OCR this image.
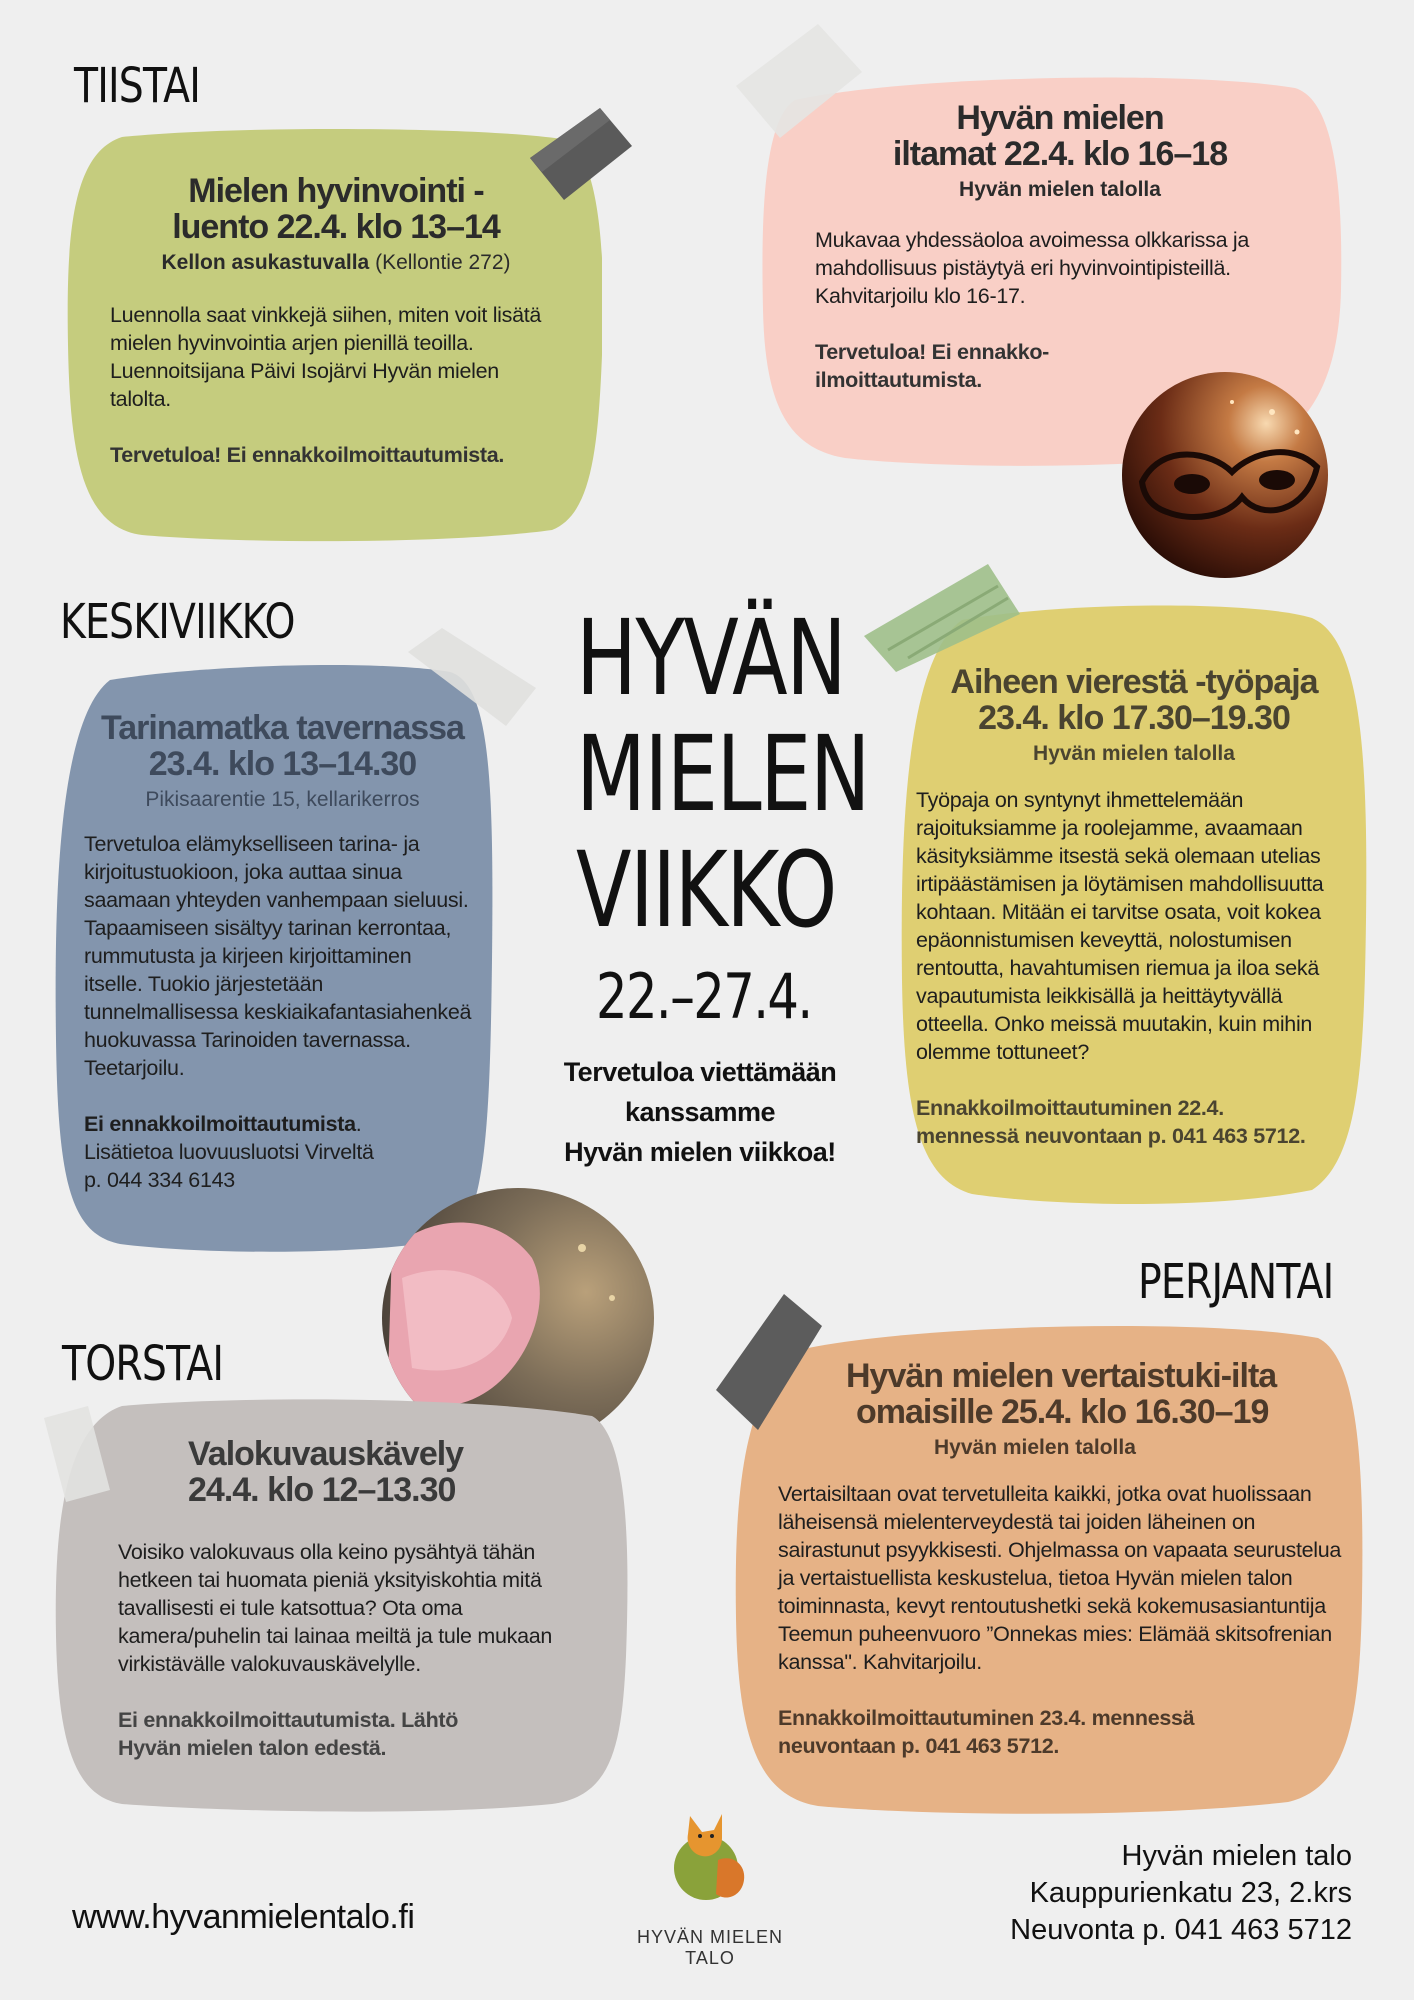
TIISTAI
Mielen hyvinvointi -
luento 22.4. klo 13–14
Kellon asukastuvalla (Kellontie 272)

Luennolla saat vinkkejä siihen, miten voit lisätä

mielen hyvinvointia arjen pienillä teoilla.

Luennoitsijana Päivi Isojärvi Hyvän mielen talolta.

Tervetuloa! Ei ennakkoilmoittautumista.

Hyvän mielen
iltamat 22.4. klo 16–18
Hyvän mielen talolla

Mukavaa yhdessäoloa avoimessa olkkarissa ja

mahdollisuus pistäytyä eri hyvinvointipisteillä.

Kahvitarjoilu klo 16-17.

Tervetuloa! Ei ennakko-

ilmoittautumista.

KESKIVIIKKO
Tarinamatka tavernassa
23.4. klo 13–14.30
Pikisaarentie 15, kellarikerros

Tervetuloa elämykselliseen tarina- ja

kirjoitustuokioon, joka auttaa sinua

saamaan yhteyden vanhempaan sieluusi.

Tapaamiseen sisältyy tarinan kerrontaa,

rummutusta ja kirjeen kirjoittaminen

itselle. Tuokio järjestetään

tunnelmallisessa keskiaikafantasiahenkeä

huokuvassa Tarinoiden tavernassa.

Teetarjoilu.

Ei ennakkoilmoittautumista.

Lisätietoa luovuusluotsi Virveltä

p. 044 334 6143

HYVÄN
MIELEN
VIIKKO
22.–27.4.
Tervetuloa viettämään
kanssamme
Hyvän mielen viikkoa!
Aiheen vierestä -työpaja
23.4. klo 17.30–19.30
Hyvän mielen talolla

Työpaja on syntynyt ihmettelemään

rajoituksiamme ja roolejamme, avaamaan

käsityksiämme itsestä sekä olemaan utelias

irtipäästämisen ja löytämisen mahdollisuutta

kohtaan. Mitään ei tarvitse osata, voit kokea

epäonnistumisen keveyttä, nolostumisen

rentoutta, havahtumisen riemua ja iloa sekä

vapautumista leikkisällä ja heittäytyvällä

otteella. Onko meissä muutakin, kuin mihin

olemme tottuneet?

Ennakkoilmoittautuminen 22.4.

mennessä neuvontaan p. 041 463 5712.

TORSTAI
Valokuvauskävely
24.4. klo 12–13.30

Voisiko valokuvaus olla keino pysähtyä tähän

hetkeen tai huomata pieniä yksityiskohtia mitä

tavallisesti ei tule katsottua? Ota oma

kamera/puhelin tai lainaa meiltä ja tule mukaan

virkistävälle valokuvauskävelylle.

Ei ennakkoilmoittautumista. Lähtö

Hyvän mielen talon edestä.

PERJANTAI
Hyvän mielen vertaistuki-ilta
omaisille 25.4. klo 16.30–19
Hyvän mielen talolla

Vertaisiltaan ovat tervetulleita kaikki, jotka ovat huolissaan

läheisensä mielenterveydestä tai joiden läheinen on

sairastunut psyykkisesti. Ohjelmassa on vapaata seurustelua

ja vertaistuellista keskustelua, tietoa Hyvän mielen talon

toiminnasta, kevyt rentoutushetki sekä kokemusasiantuntija

Teemun puheenvuoro ”Onnekas mies: Elämää skitsofrenian

kanssa". Kahvitarjoilu.

Ennakkoilmoittautuminen 23.4. mennessä

neuvontaan p. 041 463 5712.

www.hyvanmielentalo.fi
HYVÄN MIELEN TALO
Hyvän mielen talo
Kauppurienkatu 23, 2.krs
Neuvonta p. 041 463 5712
